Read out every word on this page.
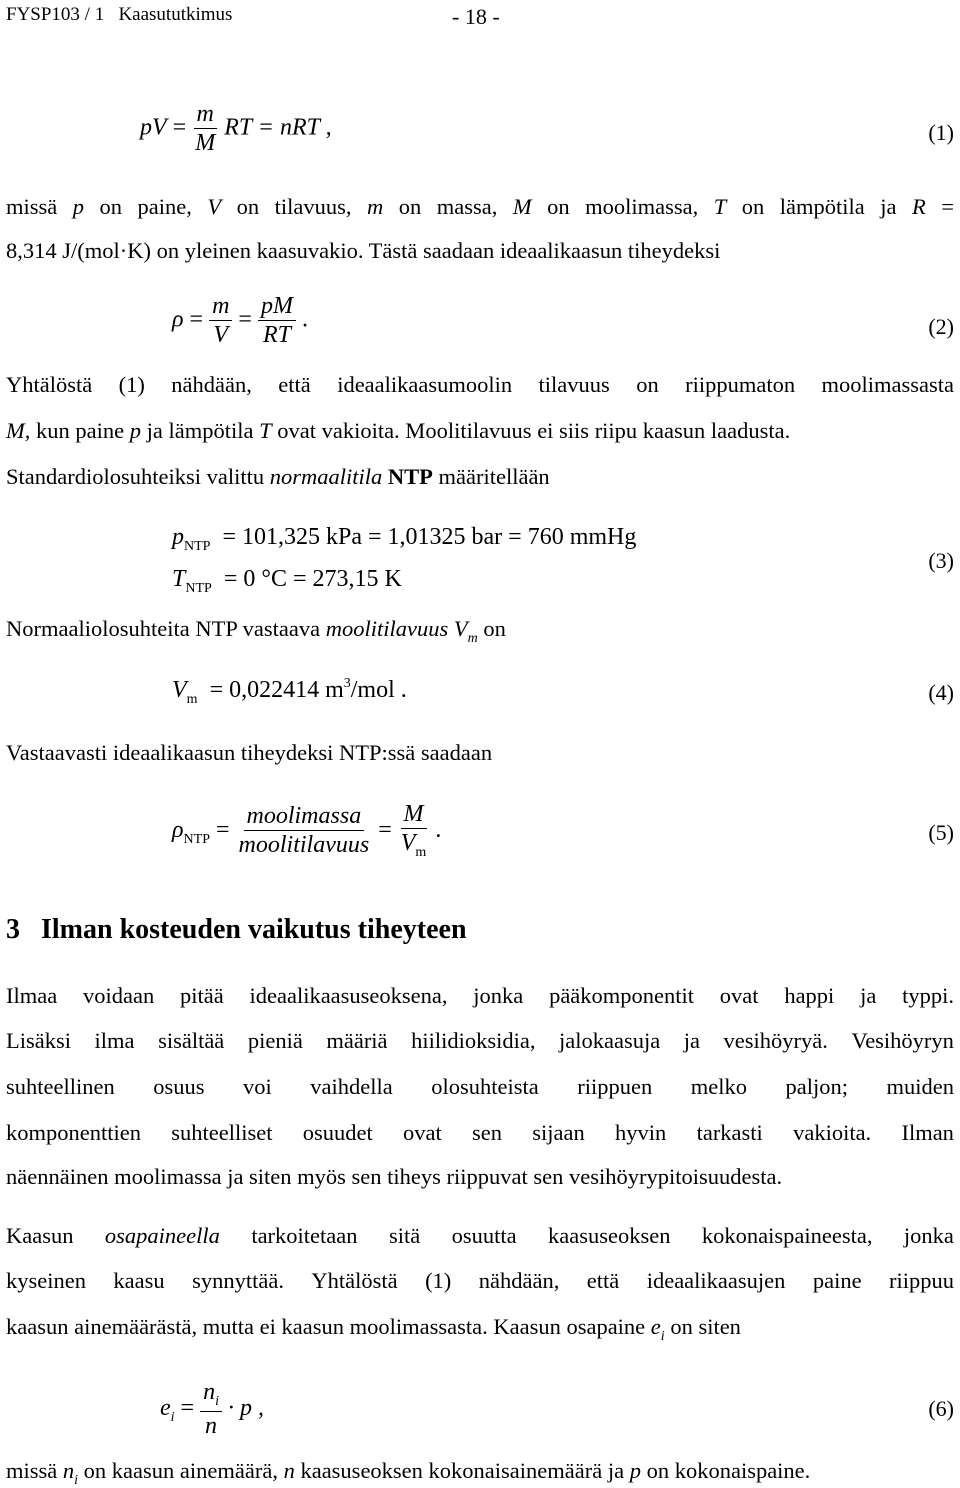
FYSP103 / 1 Kaasututkimus	- 18 -
pV = $\frac{m}{M}$ RT = nRT ,	(1)
missä p on paine, V on tilavuus, m on massa, M on moolimassa, T on lämpötila ja R =
8,314 J/(mol·K) on yleinen kaasuvakio. Tästä saadaan ideaalikaasun tiheydeksi
$\rho = \frac{m}{V} = \frac{pM}{RT}$ .	(2)
Yhtälöstä (1) nähdään, että ideaalikaasumoolin tilavuus on riippumaton moolimassasta
M, kun paine p ja lämpötila T ovat vakioita. Moolitilavuus ei siis riipu kaasun laadusta.
Standardiolosuhteiksi valittu normaalitila NTP määritellään
$p_{NTP} = 101,325$ kPa = 1,01325 bar = 760 mmHg
$T_{NTP} = 0$ °C = 273,15 K
(3)
Normaaliolosuhteita NTP vastaava moolitilavuus $V_m$ on
$V_m = 0,022414$ $m^3$/mol .	(4)
Vastaavasti ideaalikaasun tiheydeksi NTP:ssä saadaan
$\rho_{NTP} = \frac{\text{moolimassa}}{\text{moolitilavuus}} = \frac{M}{V_m}$ .	(5)
3   Ilman kosteuden vaikutus tiheyteen
Ilmaa voidaan pitää ideaalikaasuseoksena, jonka pääkomponentit ovat happi ja typpi.
Lisäksi ilma sisältää pieniä määriä hiilidioksidia, jalokaasuja ja vesihöyryä. Vesihöyryn
suhteellinen osuus voi vaihdella olosuhteista riippuen melko paljon; muiden
komponenttien suhteelliset osuudet ovat sen sijaan hyvin tarkasti vakioita. Ilman
näennäinen moolimassa ja siten myös sen tiheys riippuvat sen vesihöyrypitoisuudesta.
Kaasun osapaineella tarkoitetaan sitä osuutta kaasuseoksen kokonaispaineesta, jonka
kyseinen kaasu synnyttää. Yhtälöstä (1) nähdään, että ideaalikaasujen paine riippuu
kaasun ainemäärästä, mutta ei kaasun moolimassasta. Kaasun osapaine $e_i$ on siten
$e_i = \frac{n_i}{n} \cdot p$ ,	(6)
missä $n_i$ on kaasun ainemäärä, n kaasuseoksen kokonaisainemäärä ja p on kokonaispaine.
